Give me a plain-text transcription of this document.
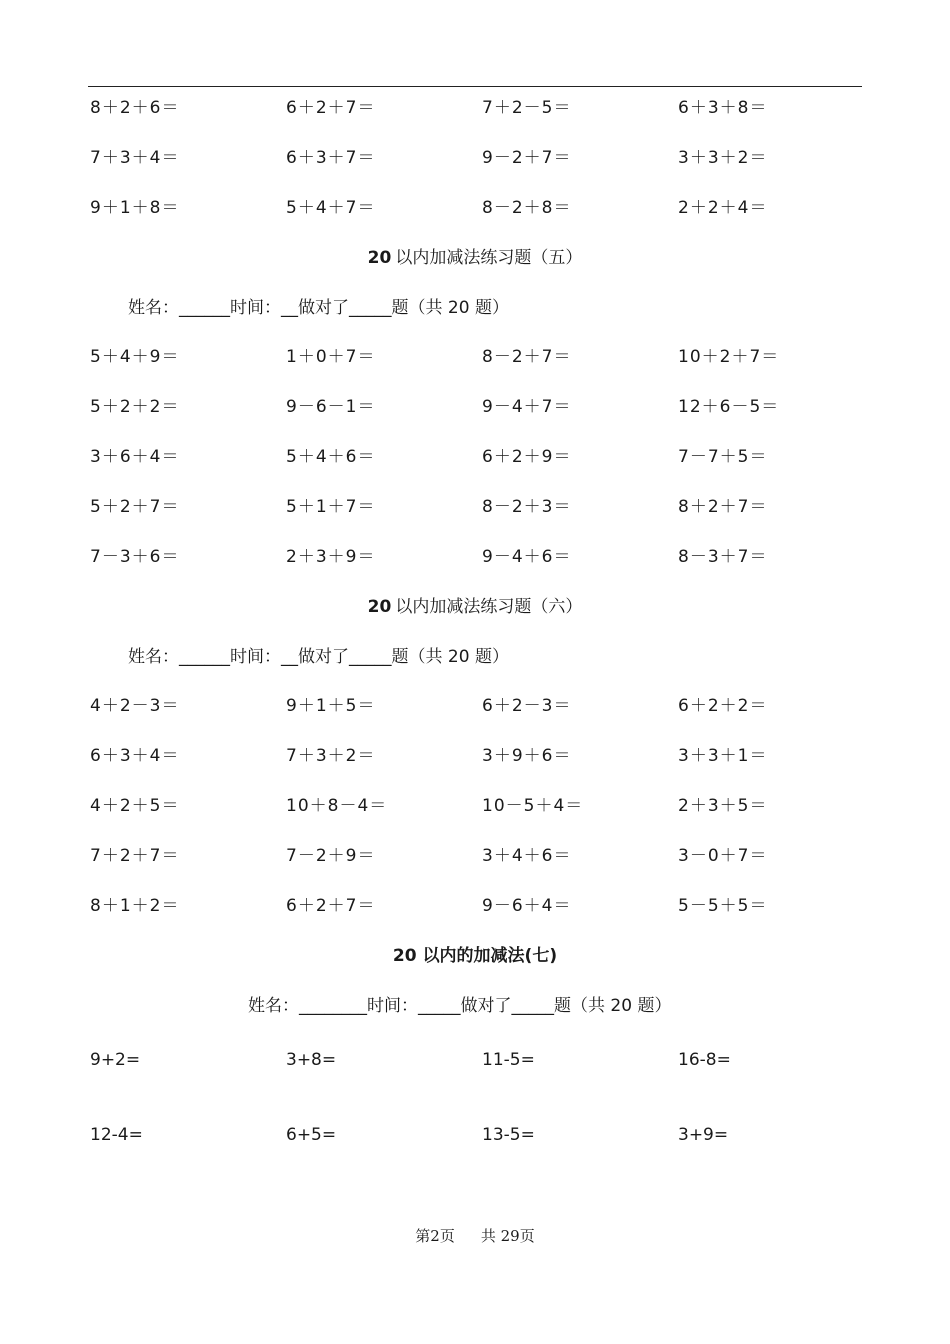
8＋2＋6＝	6＋2＋7＝	7＋2－5＝	6＋3＋8＝
7＋3＋4＝	6＋3＋7＝	9－2＋7＝	3＋3＋2＝
9＋1＋8＝	5＋4＋7＝	8－2＋8＝	2＋2＋4＝
20 以内加减法练习题（五）
姓名：______时间：__做对了_____题（共 20 题）
5＋4＋9＝	1＋0＋7＝	8－2＋7＝	10＋2＋7＝
5＋2＋2＝	9－6－1＝	9－4＋7＝	12＋6－5＝
3＋6＋4＝	5＋4＋6＝	6＋2＋9＝	7－7＋5＝
5＋2＋7＝	5＋1＋7＝	8－2＋3＝	8＋2＋7＝
7－3＋6＝	2＋3＋9＝	9－4＋6＝	8－3＋7＝
20 以内加减法练习题（六）
姓名：______时间：__做对了_____题（共 20 题）
4＋2－3＝	9＋1＋5＝	6＋2－3＝	6＋2＋2＝
6＋3＋4＝	7＋3＋2＝	3＋9＋6＝	3＋3＋1＝
4＋2＋5＝	10＋8－4＝	10－5＋4＝	2＋3＋5＝
7＋2＋7＝	7－2＋9＝	3＋4＋6＝	3－0＋7＝
8＋1＋2＝	6＋2＋7＝	9－6＋4＝	5－5＋5＝
20 以内的加减法(七)
姓名：________时间：_____做对了_____题（共 20 题）
9+2=	3+8=	11-5=	16-8=
12-4=	6+5=	13-5=	3+9=
第2页 共 29页
